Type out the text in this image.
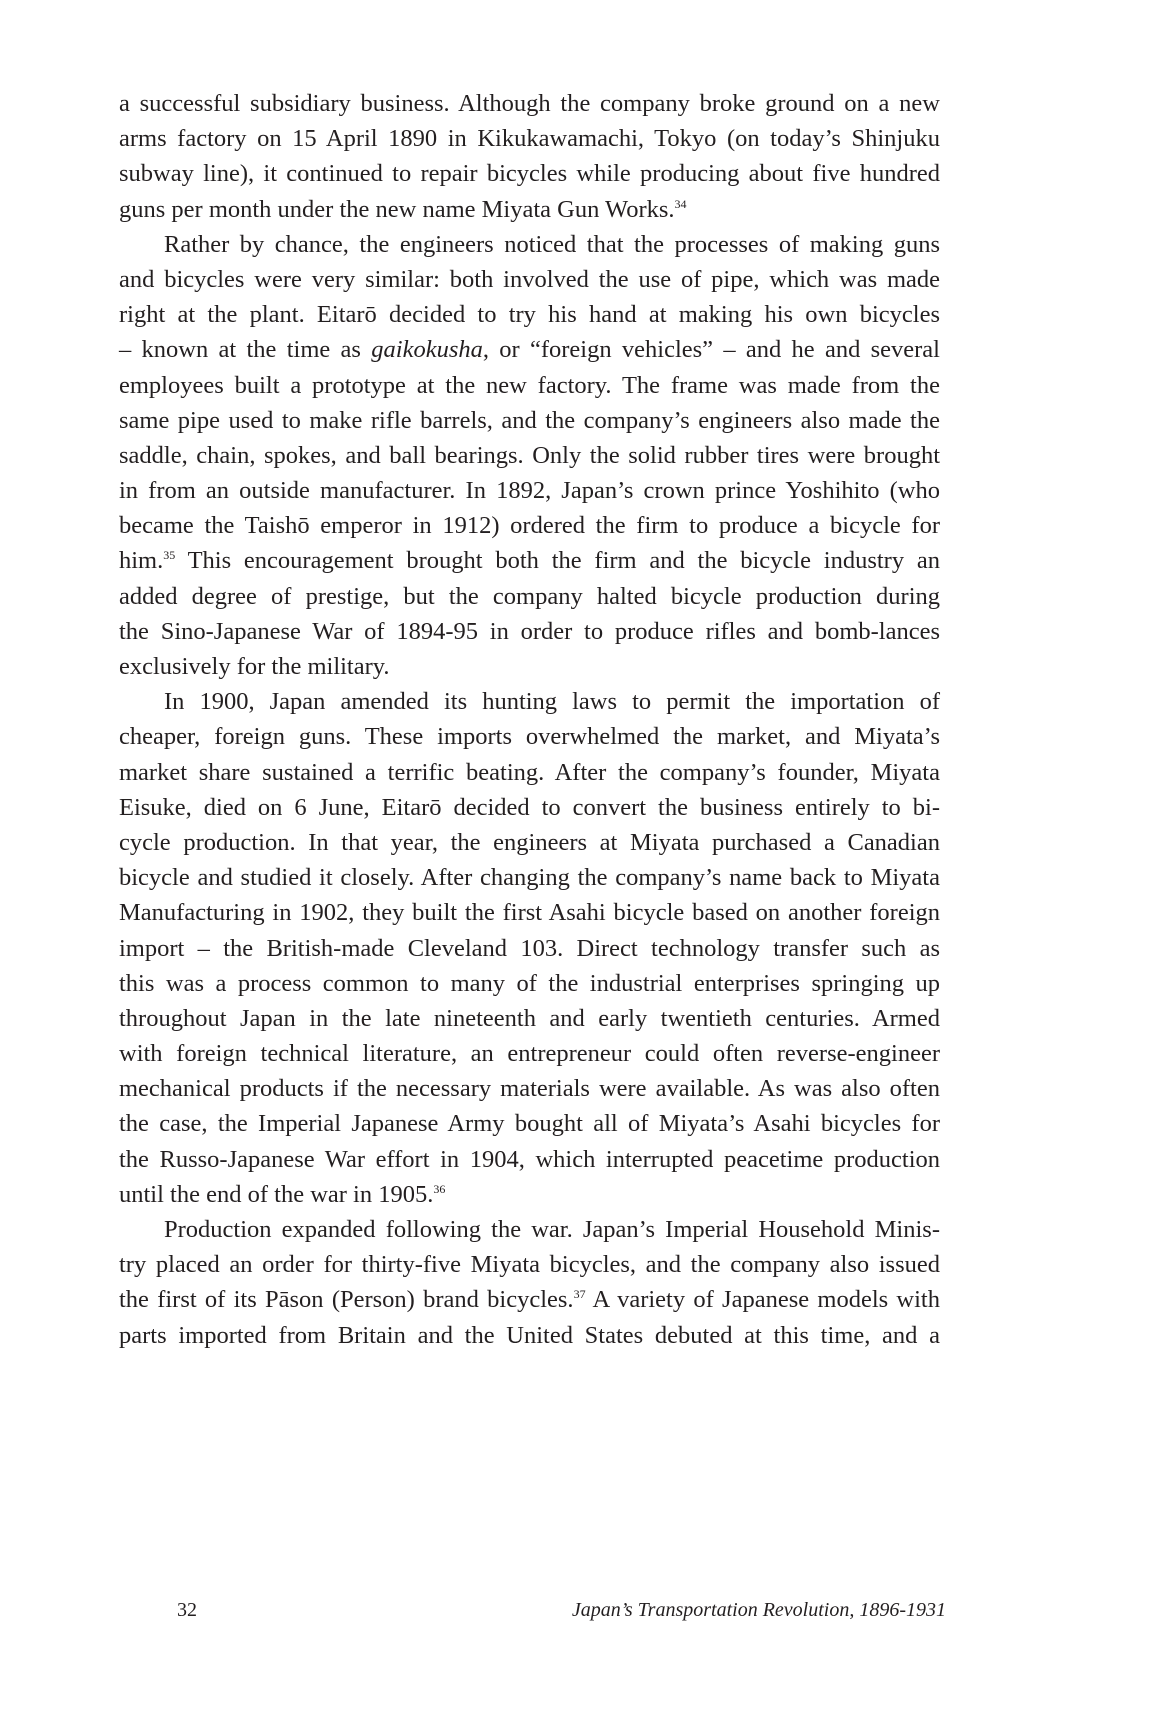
a successful subsidiary business. Although the company broke ground on a new
arms factory on 15 April 1890 in Kikukawamachi, Tokyo (on today’s Shinjuku
subway line), it continued to repair bicycles while producing about five hundred
guns per month under the new name Miyata Gun Works.$^{34}$
Rather by chance, the engineers noticed that the processes of making guns
and bicycles were very similar: both involved the use of pipe, which was made
right at the plant. Eitarō decided to try his hand at making his own bicycles
– known at the time as gaikokusha, or “foreign vehicles” – and he and several
employees built a prototype at the new factory. The frame was made from the
same pipe used to make rifle barrels, and the company’s engineers also made the
saddle, chain, spokes, and ball bearings. Only the solid rubber tires were brought
in from an outside manufacturer. In 1892, Japan’s crown prince Yoshihito (who
became the Taishō emperor in 1912) ordered the firm to produce a bicycle for
him.$^{35}$ This encouragement brought both the firm and the bicycle industry an
added degree of prestige, but the company halted bicycle production during
the Sino-Japanese War of 1894-95 in order to produce rifles and bomb-lances
exclusively for the military.
In 1900, Japan amended its hunting laws to permit the importation of
cheaper, foreign guns. These imports overwhelmed the market, and Miyata’s
market share sustained a terrific beating. After the company’s founder, Miyata
Eisuke, died on 6 June, Eitarō decided to convert the business entirely to bi-
cycle production. In that year, the engineers at Miyata purchased a Canadian
bicycle and studied it closely. After changing the company’s name back to Miyata
Manufacturing in 1902, they built the first Asahi bicycle based on another foreign
import – the British-made Cleveland 103. Direct technology transfer such as
this was a process common to many of the industrial enterprises springing up
throughout Japan in the late nineteenth and early twentieth centuries. Armed
with foreign technical literature, an entrepreneur could often reverse-engineer
mechanical products if the necessary materials were available. As was also often
the case, the Imperial Japanese Army bought all of Miyata’s Asahi bicycles for
the Russo-Japanese War effort in 1904, which interrupted peacetime production
until the end of the war in 1905.36
Production expanded following the war. Japan’s Imperial Household Minis-
try placed an order for thirty-five Miyata bicycles, and the company also issued
the first of its Pāson (Person) brand bicycles.$^{37}$ A variety of Japanese models with
parts imported from Britain and the United States debuted at this time, and a
32	Japan’s Transportation Revolution, 1896-1931
